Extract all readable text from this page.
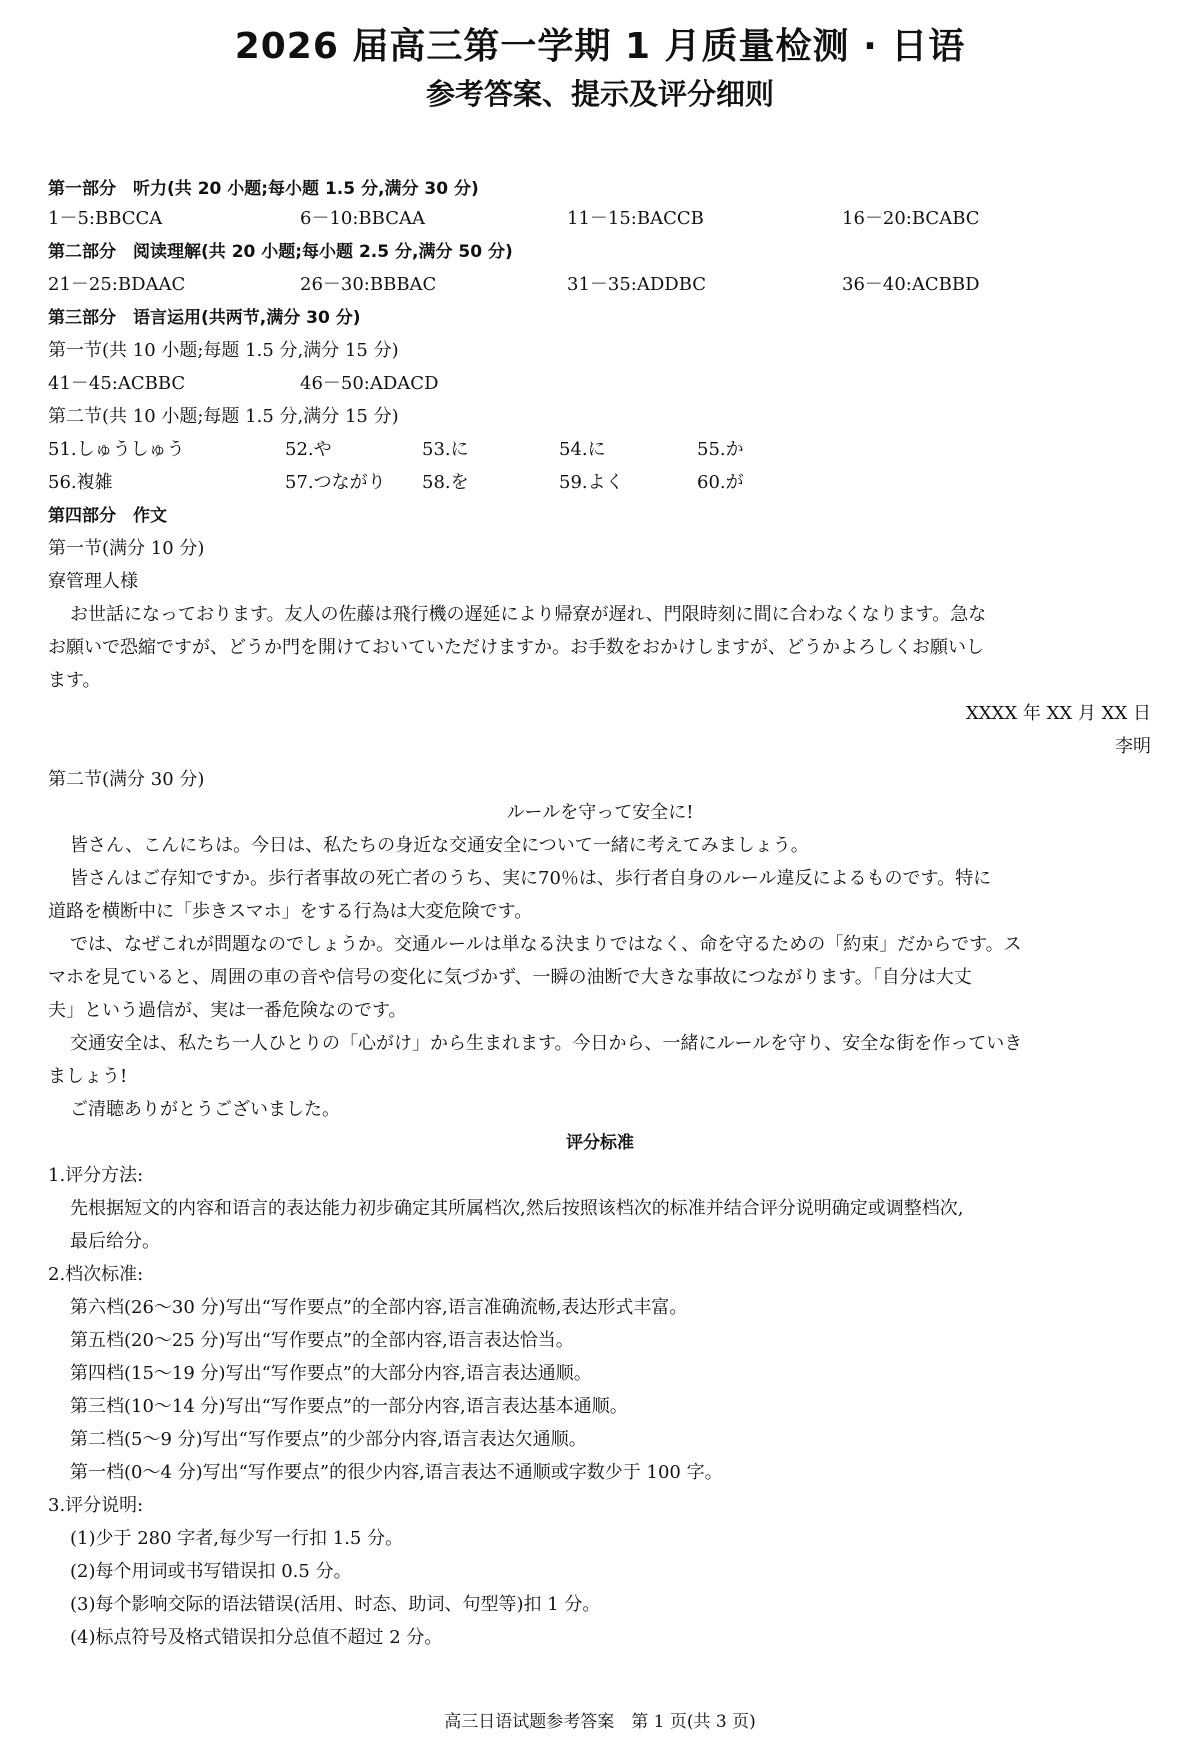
2026 届高三第一学期 1 月质量检测 · 日语
参考答案、提示及评分细则
第一部分　听力(共 20 小题;每小题 1.5 分,满分 30 分)
1－5:BBCCA	6－10:BBCAA	11－15:BACCB	16－20:BCABC
第二部分　阅读理解(共 20 小题;每小题 2.5 分,满分 50 分)
21－25:BDAAC	26－30:BBBAC	31－35:ADDBC	36－40:ACBBD
第三部分　语言运用(共两节,满分 30 分)
第一节(共 10 小题;每题 1.5 分,满分 15 分)
41－45:ACBBC	46－50:ADACD
第二节(共 10 小题;每题 1.5 分,满分 15 分)
51.しゅうしゅう	52.や	53.に	54.に	55.か
56.複雑	57.つながり 58.を	59.よく	60.が
第四部分　作文
第一节(满分 10 分)
寮管理人様
お世話になっております。友人の佐藤は飛行機の遅延により帰寮が遅れ、門限時刻に間に合わなくなります。急な
お願いで恐縮ですが、どうか門を開けておいていただけますか。お手数をおかけしますが、どうかよろしくお願いし
ます。
XXXX 年 XX 月 XX 日
李明
第二节(满分 30 分)
ルールを守って安全に!
皆さん、こんにちは。今日は、私たちの身近な交通安全について一緒に考えてみましょう。
皆さんはご存知ですか。歩行者事故の死亡者のうち、実に70％は、歩行者自身のルール違反によるものです。特に
道路を横断中に「歩きスマホ」をする行為は大変危険です。
では、なぜこれが問題なのでしょうか。交通ルールは単なる決まりではなく、命を守るための「約束」だからです。ス
マホを見ていると、周囲の車の音や信号の変化に気づかず、一瞬の油断で大きな事故につながります。「自分は大丈
夫」という過信が、実は一番危険なのです。
交通安全は、私たち一人ひとりの「心がけ」から生まれます。今日から、一緒にルールを守り、安全な街を作っていき
ましょう!
ご清聴ありがとうございました。
评分标准
1.评分方法:
先根据短文的内容和语言的表达能力初步确定其所属档次,然后按照该档次的标准并结合评分说明确定或调整档次,
最后给分。
2.档次标准:
第六档(26～30 分)写出“写作要点”的全部内容,语言准确流畅,表达形式丰富。
第五档(20～25 分)写出“写作要点”的全部内容,语言表达恰当。
第四档(15～19 分)写出“写作要点”的大部分内容,语言表达通顺。
第三档(10～14 分)写出“写作要点”的一部分内容,语言表达基本通顺。
第二档(5～9 分)写出“写作要点”的少部分内容,语言表达欠通顺。
第一档(0～4 分)写出“写作要点”的很少内容,语言表达不通顺或字数少于 100 字。
3.评分说明:
(1)少于 280 字者,每少写一行扣 1.5 分。
(2)每个用词或书写错误扣 0.5 分。
(3)每个影响交际的语法错误(活用、时态、助词、句型等)扣 1 分。
(4)标点符号及格式错误扣分总值不超过 2 分。
高三日语试题参考答案　第 1 页(共 3 页)
